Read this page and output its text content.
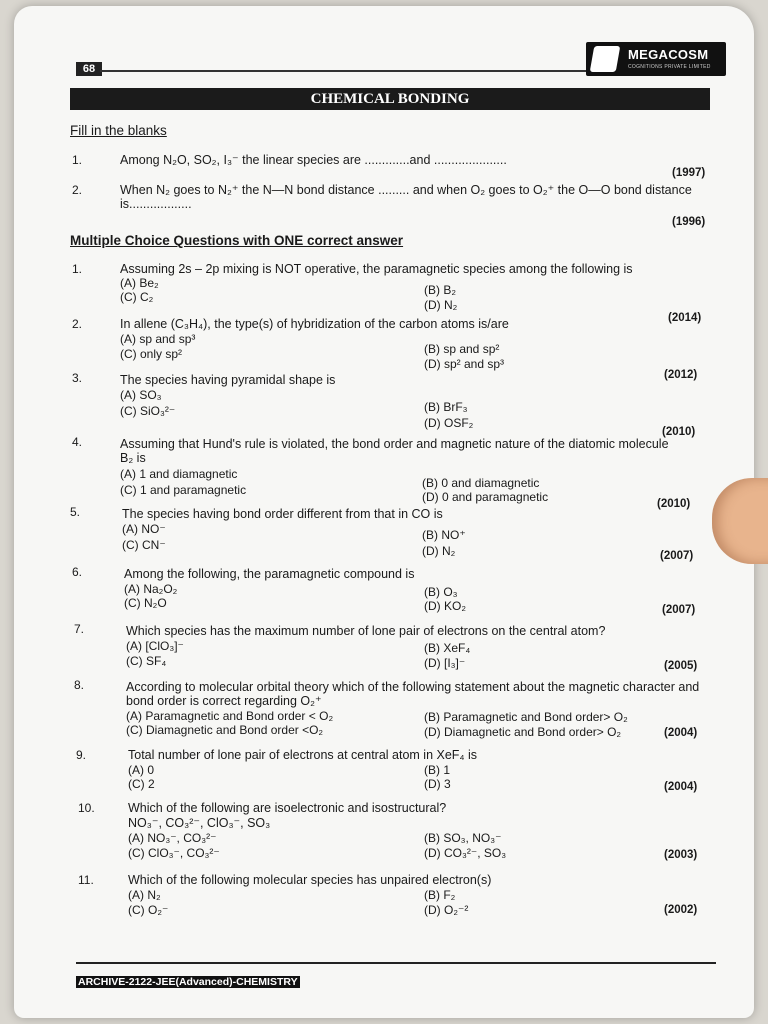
68
MEGACOSM
COGNITIONS PRIVATE LIMITED
CHEMICAL BONDING
Fill in the blanks
1.	Among N₂O, SO₂, I₃⁻ the linear species are .............and .....................
(1997)
2.	When N₂ goes to N₂⁺ the N—N bond distance ......... and when O₂ goes to O₂⁺ the O—O bond distance is..................
(1996)
Multiple Choice Questions with ONE correct answer
1.	Assuming 2s – 2p mixing is NOT operative, the paramagnetic species among the following is
(A) Be₂	(B) B₂
(C) C₂
(D) N₂
(2014)
2.	In allene (C₃H₄), the type(s) of hybridization of the carbon atoms is/are
(A) sp and sp³
(B) sp and sp²
(C) only sp²
(D) sp² and sp³
(2012)
3.	The species having pyramidal shape is
(A) SO₃
(B) BrF₃
(C) SiO₃²⁻
(D) OSF₂
(2010)
4.	Assuming that Hund's rule is violated, the bond order and magnetic nature of the diatomic molecule B₂ is
(A) 1 and diamagnetic
(B) 0 and diamagnetic
(C) 1 and paramagnetic	(D) 0 and paramagnetic	(2010)
5.	The species having bond order different from that in CO is
(A) NO⁻	(B) NO⁺
(C) CN⁻	(D) N₂	(2007)
6.	Among the following, the paramagnetic compound is
(A) Na₂O₂	(B) O₃
(C) N₂O	(D) KO₂	(2007)
7.	Which species has the maximum number of lone pair of electrons on the central atom?
(A) [ClO₃]⁻	(B) XeF₄
(C) SF₄	(D) [I₃]⁻	(2005)
8.	According to molecular orbital theory which of the following statement about the magnetic character and bond order is correct regarding O₂⁺
(A) Paramagnetic and Bond order < O₂	(B) Paramagnetic and Bond order> O₂
(C) Diamagnetic and Bond order <O₂	(D) Diamagnetic and Bond order> O₂	(2004)
9.	Total number of lone pair of electrons at central atom in XeF₄ is
(A) 0	(B) 1
(C) 2	(D) 3	(2004)
10.	Which of the following are isoelectronic and isostructural?
NO₃⁻, CO₃²⁻, ClO₃⁻, SO₃
(A) NO₃⁻, CO₃²⁻	(B) SO₃, NO₃⁻
(C) ClO₃⁻, CO₃²⁻	(D) CO₃²⁻, SO₃	(2003)
11.	Which of the following molecular species has unpaired electron(s)
(A) N₂	(B) F₂
(C) O₂⁻	(D) O₂⁻²	(2002)
ARCHIVE-2122-JEE(Advanced)-CHEMISTRY
